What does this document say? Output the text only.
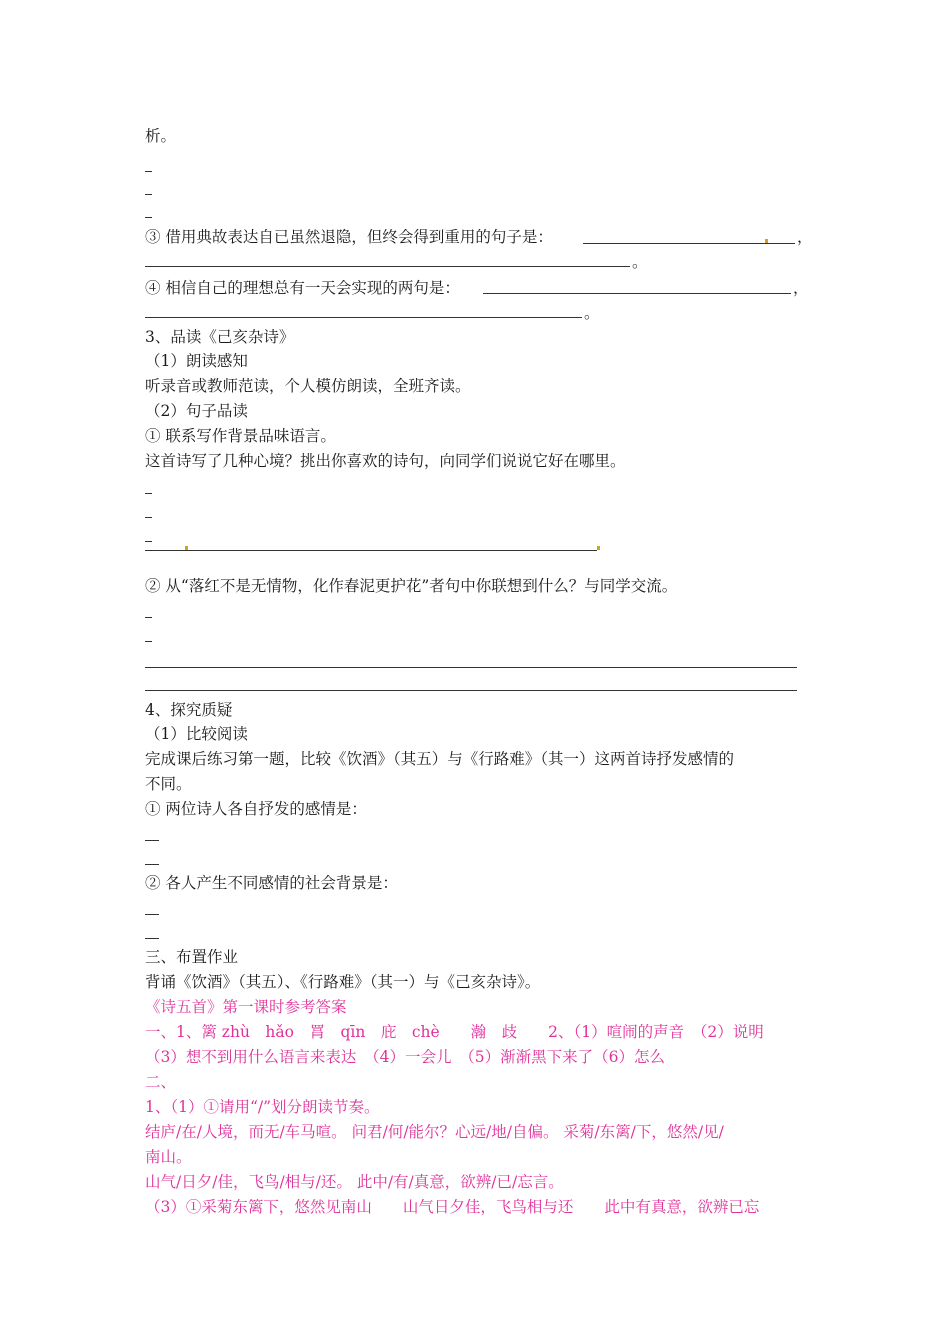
析。
③ 借用典故表达自已虽然退隐，但终会得到重用的句子是：	，
。
④ 相信自己的理想总有一天会实现的两句是：	，
。
3、品读《己亥杂诗》
（1）朗读感知
听录音或教师范读，个人模仿朗读，全班齐读。
（2）句子品读
① 联系写作背景品味语言。
这首诗写了几种心境？挑出你喜欢的诗句，向同学们说说它好在哪里。
② 从“落红不是无情物，化作春泥更护花”者句中你联想到什么？与同学交流。
4、探究质疑
（1）比较阅读
完成课后练习第一题，比较《饮酒》（其五）与《行路难》（其一）这两首诗抒发感情的
不同。
① 两位诗人各自抒发的感情是：
② 各人产生不同感情的社会背景是：
三、布置作业
背诵《饮酒》（其五）、《行路难》（其一）与《己亥杂诗》。
《诗五首》第一课时参考答案
一、1、篱 zhù　hǎo　罥　qīn　庇　chè　　瀚　歧　　2、（1）喧闹的声音　（2）说明
（3）想不到用什么语言来表达　（4）一会儿　（5）渐渐黑下来了（6）怎么
二、
1、（1）①请用“/”划分朗读节奏。
结庐/在/人境，而无/车马喧。 问君/何/能尔？心远/地/自偏。 采菊/东篱/下，悠然/见/
南山。
山气/日夕/佳，飞鸟/相与/还。 此中/有/真意，欲辨/已/忘言。
（3）①采菊东篱下，悠然见南山　　山气日夕佳，飞鸟相与还　　此中有真意，欲辨已忘
